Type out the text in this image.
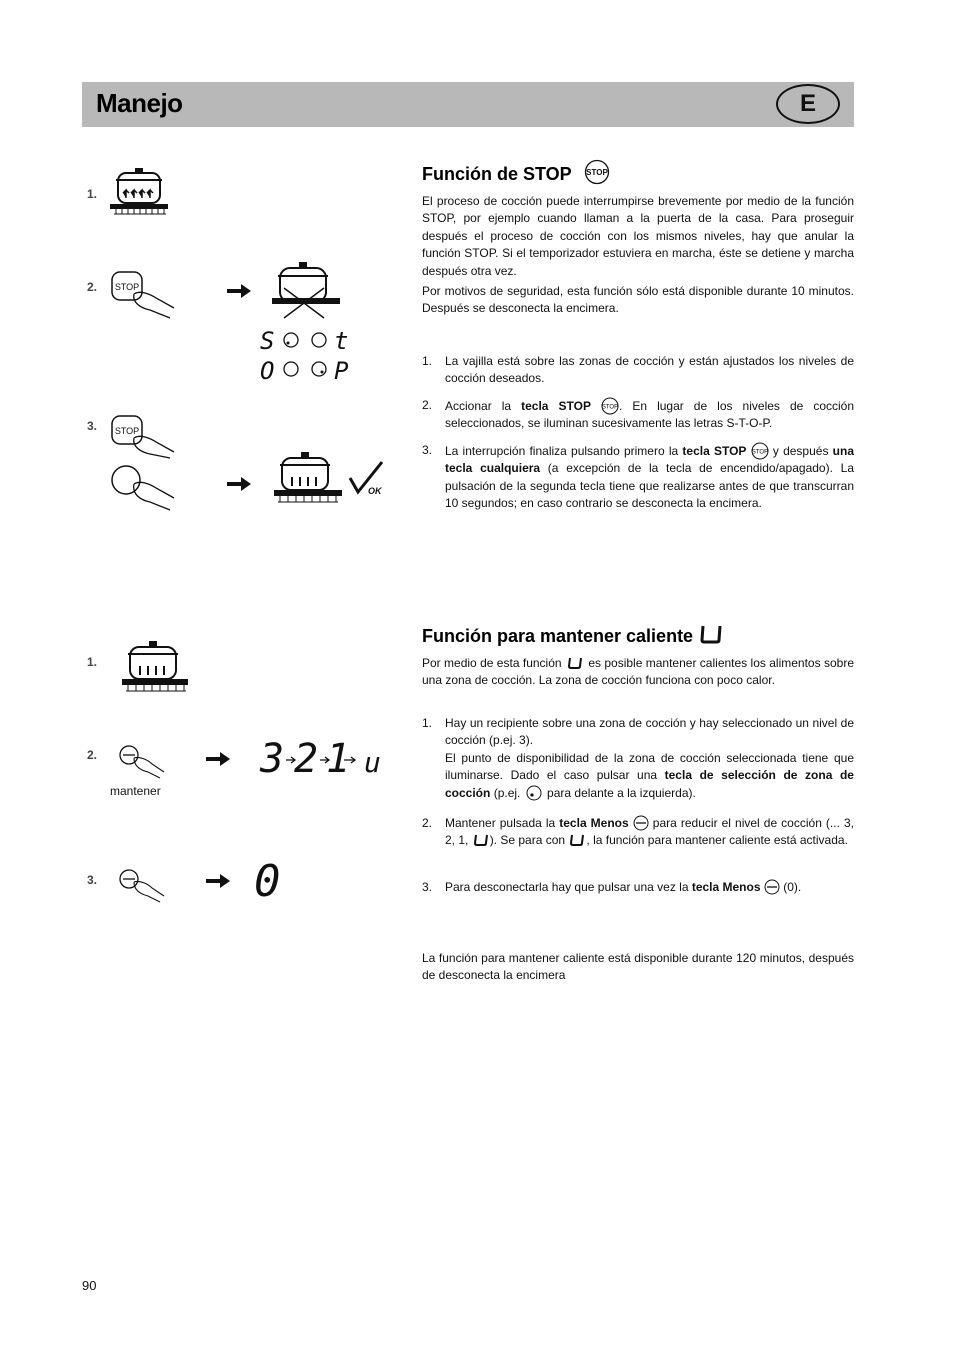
Manejo	E
1.
2. STOP
S t
O P
3. STOP
OK
Función de STOP STOP
El proceso de cocción puede interrumpirse brevemente por medio de la función STOP, por ejemplo cuando llaman a la puerta de la casa. Para proseguir después el proceso de cocción con los mismos niveles, hay que anular la función STOP. Si el temporizador estuviera en marcha, éste se detiene y marcha después otra vez.
Por motivos de seguridad, esta función sólo está disponible durante 10 minutos. Después se desconecta la encimera.
1. La vajilla está sobre las zonas de cocción y están ajustados los niveles de cocción deseados.
2. Accionar la tecla STOP STOP . En lugar de los niveles de cocción seleccionados, se iluminan sucesivamente las letras S-T-O-P.
3. La interrupción finaliza pulsando primero la tecla STOP STOP y después una tecla cualquiera (a excepción de la tecla de encendido/apagado). La pulsación de la segunda tecla tiene que realizarse antes de que transcurran 10 segundos; en caso contrario se desconecta la encimera.
1.
2.
mantener
3 2 1 u
3.	0
Función para mantener caliente
Por medio de esta función es posible mantener calientes los alimentos sobre una zona de cocción. La zona de cocción funciona con poco calor.
1. Hay un recipiente sobre una zona de cocción y hay seleccionado un nivel de cocción (p.ej. 3).
El punto de disponibilidad de la zona de cocción seleccionada tiene que iluminarse. Dado el caso pulsar una tecla de selección de zona de cocción (p.ej.  para delante a la izquierda).
2. Mantener pulsada la tecla Menos  para reducir el nivel de cocción (... 3, 2, 1, ). Se para con , la función para mantener caliente está activada.
3. Para desconectarla hay que pulsar una vez la tecla Menos  (0).
La función para mantener caliente está disponible durante 120 minutos, después de desconecta la encimera
90
